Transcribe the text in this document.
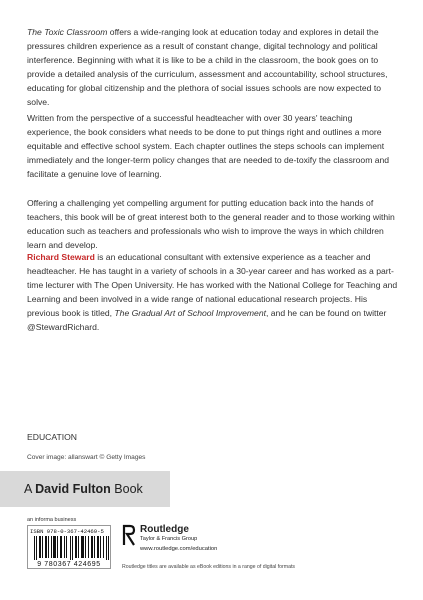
The Toxic Classroom offers a wide-ranging look at education today and explores in detail the pressures children experience as a result of constant change, digital technology and political interference. Beginning with what it is like to be a child in the classroom, the book goes on to provide a detailed analysis of the curriculum, assessment and accountability, school structures, educating for global citizenship and the plethora of social issues schools are now expected to solve.

Written from the perspective of a successful headteacher with over 30 years' teaching experience, the book considers what needs to be done to put things right and outlines a more equitable and effective school system. Each chapter outlines the steps schools can implement immediately and the longer-term policy changes that are needed to de-toxify the classroom and facilitate a genuine love of learning.

Offering a challenging yet compelling argument for putting education back into the hands of teachers, this book will be of great interest both to the general reader and to those working within education such as teachers and professionals who wish to improve the ways in which children learn and develop.

Richard Steward is an educational consultant with extensive experience as a teacher and headteacher. He has taught in a variety of schools in a 30-year career and has worked as a part-time lecturer with The Open University. He has worked with the National College for Teaching and Learning and been involved in a wide range of national educational research projects. His previous book is titled, The Gradual Art of School Improvement, and he can be found on twitter @StewardRichard.
EDUCATION
Cover image: allanswart © Getty Images
A David Fulton Book
an informa business
ISBN 978-0-367-42469-5
9 780367 424695
Routledge
Taylor & Francis Group
www.routledge.com/education
Routledge titles are available as eBook editions in a range of digital formats
